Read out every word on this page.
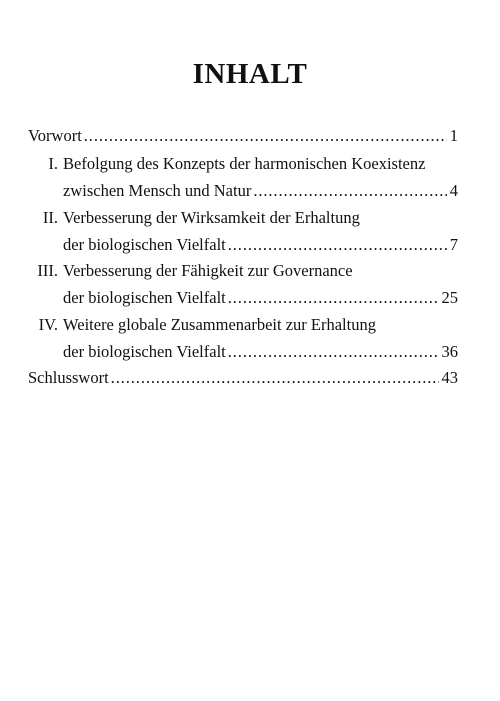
INHALT
Vorwort .....	1
I. Befolgung des Konzepts der harmonischen Koexistenz
zwischen Mensch und Natur .....	4
II. Verbesserung der Wirksamkeit der Erhaltung
der biologischen Vielfalt .....	7
III. Verbesserung der Fähigkeit zur Governance
der biologischen Vielfalt .....	25
IV. Weitere globale Zusammenarbeit zur Erhaltung
der biologischen Vielfalt .....	36
Schlusswort .....	43
